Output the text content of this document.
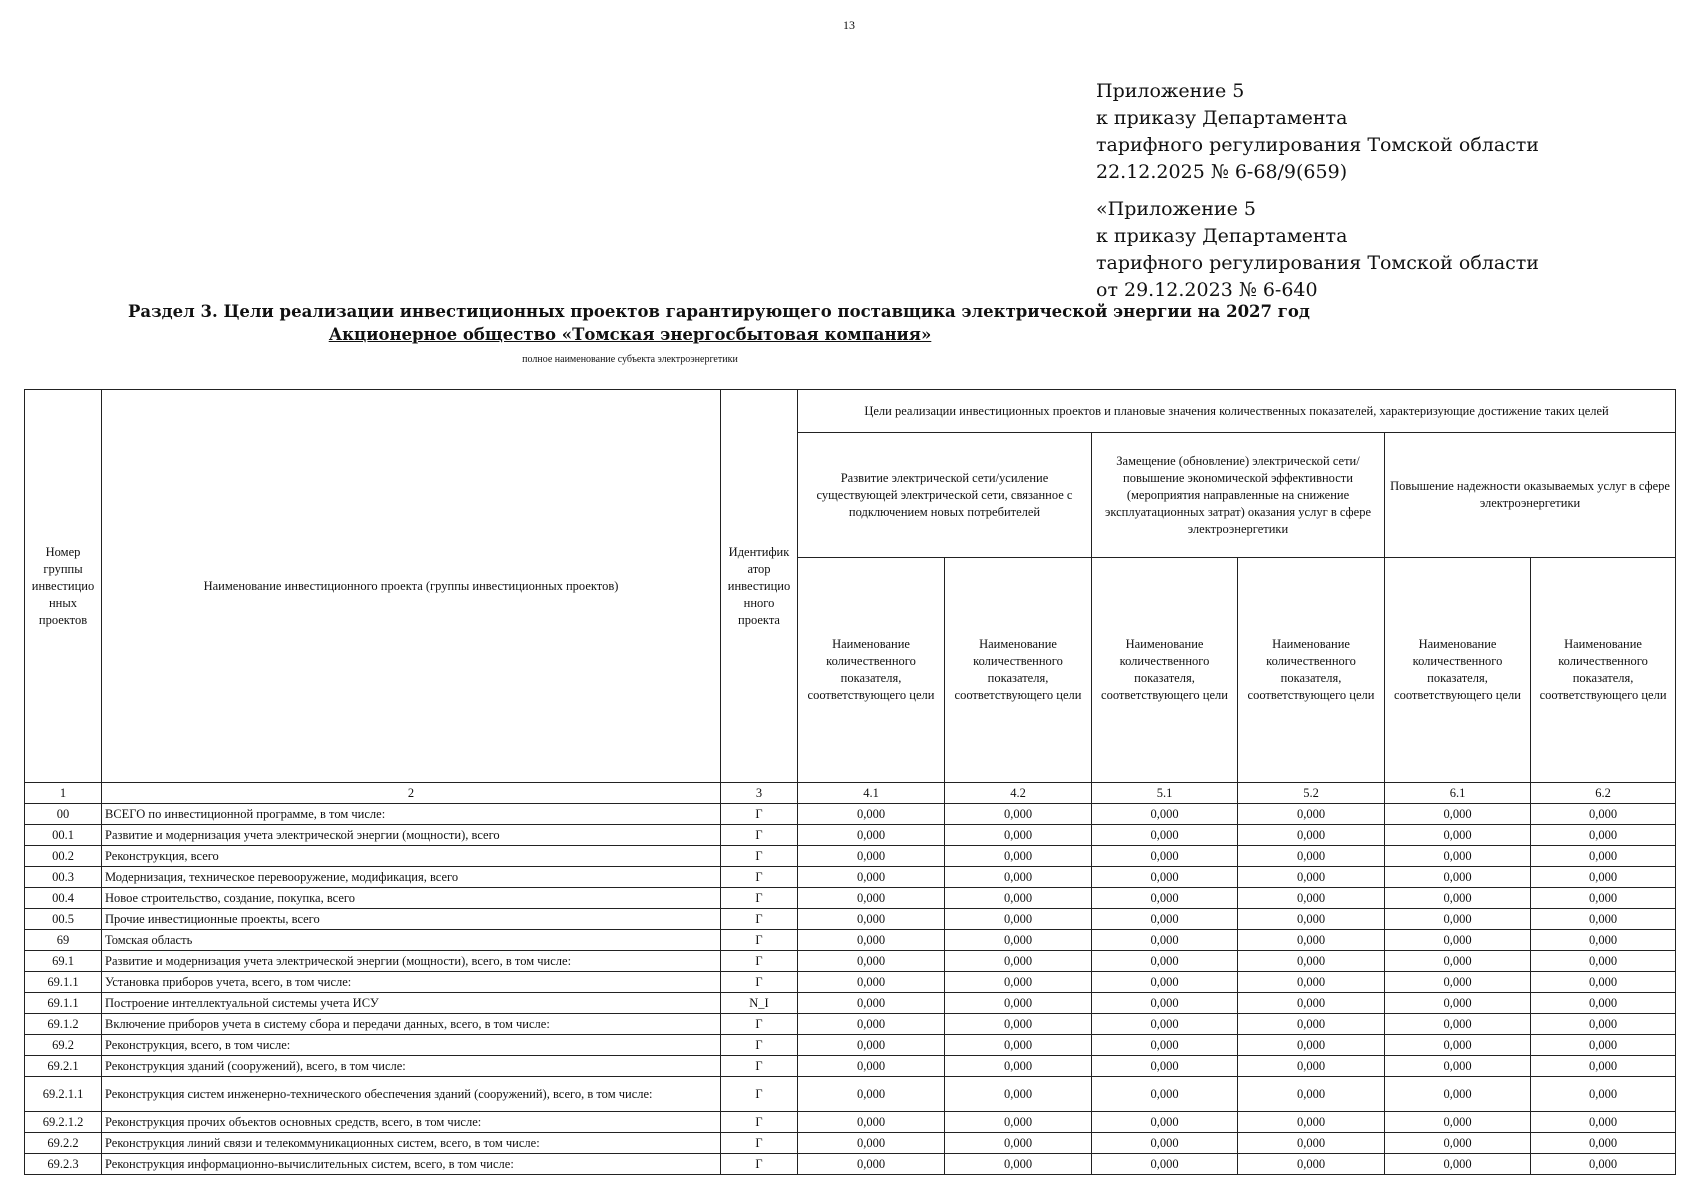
13
Приложение 5
к приказу Департамента
тарифного регулирования Томской области
22.12.2025 № 6-68/9(659)
«Приложение 5
к приказу Департамента
тарифного регулирования Томской области
от 29.12.2023 № 6-640
Раздел 3. Цели реализации инвестиционных проектов гарантирующего поставщика электрической энергии на 2027 год
Акционерное общество «Томская энергосбытовая компания»
полное наименование субъекта электроэнергетики
Номер группы инвестицио нных проектов	Наименование инвестиционного проекта (группы инвестиционных проектов)	Идентифик атор инвестицио нного проекта	Цели реализации инвестиционных проектов и плановые значения количественных показателей, характеризующие достижение таких целей					
			Развитие электрической сети/усиление существующей электрической сети, связанное с подключением новых потребителей		Замещение (обновление) электрической сети/повышение экономической эффективности (мероприятия направленные на снижение эксплуатационных затрат) оказания услуг в сфере электроэнергетики		Повышение надежности оказываемых услуг в сфере электроэнергетики	
			Наименование количественного показателя, соответствующего цели	Наименование количественного показателя, соответствующего цели	Наименование количественного показателя, соответствующего цели	Наименование количественного показателя, соответствующего цели	Наименование количественного показателя, соответствующего цели	Наименование количественного показателя, соответствующего цели
1	2	3	4.1	4.2	5.1	5.2	6.1	6.2
00	ВСЕГО по инвестиционной программе, в том числе:	Г	0,000	0,000	0,000	0,000	0,000	0,000
00.1	Развитие и модернизация учета электрической энергии (мощности), всего	Г	0,000	0,000	0,000	0,000	0,000	0,000
00.2	Реконструкция, всего	Г	0,000	0,000	0,000	0,000	0,000	0,000
00.3	Модернизация, техническое перевооружение, модификация, всего	Г	0,000	0,000	0,000	0,000	0,000	0,000
00.4	Новое строительство, создание, покупка, всего	Г	0,000	0,000	0,000	0,000	0,000	0,000
00.5	Прочие инвестиционные проекты, всего	Г	0,000	0,000	0,000	0,000	0,000	0,000
69	Томская область	Г	0,000	0,000	0,000	0,000	0,000	0,000
69.1	Развитие и модернизация учета электрической энергии (мощности), всего, в том числе:	Г	0,000	0,000	0,000	0,000	0,000	0,000
69.1.1	Установка приборов учета, всего, в том числе:	Г	0,000	0,000	0,000	0,000	0,000	0,000
69.1.1	Построение интеллектуальной системы учета ИСУ	N_I	0,000	0,000	0,000	0,000	0,000	0,000
69.1.2	Включение приборов учета в систему сбора и передачи данных, всего, в том числе:	Г	0,000	0,000	0,000	0,000	0,000	0,000
69.2	Реконструкция, всего, в том числе:	Г	0,000	0,000	0,000	0,000	0,000	0,000
69.2.1	Реконструкция зданий (сооружений), всего, в том числе:	Г	0,000	0,000	0,000	0,000	0,000	0,000
69.2.1.1	Реконструкция систем инженерно-технического обеспечения зданий (сооружений), всего, в том числе:	Г	0,000	0,000	0,000	0,000	0,000	0,000
69.2.1.2	Реконструкция прочих объектов основных средств, всего, в том числе:	Г	0,000	0,000	0,000	0,000	0,000	0,000
69.2.2	Реконструкция линий связи и телекоммуникационных систем, всего, в том числе:	Г	0,000	0,000	0,000	0,000	0,000	0,000
69.2.3	Реконструкция информационно-вычислительных систем, всего, в том числе:	Г	0,000	0,000	0,000	0,000	0,000	0,000
